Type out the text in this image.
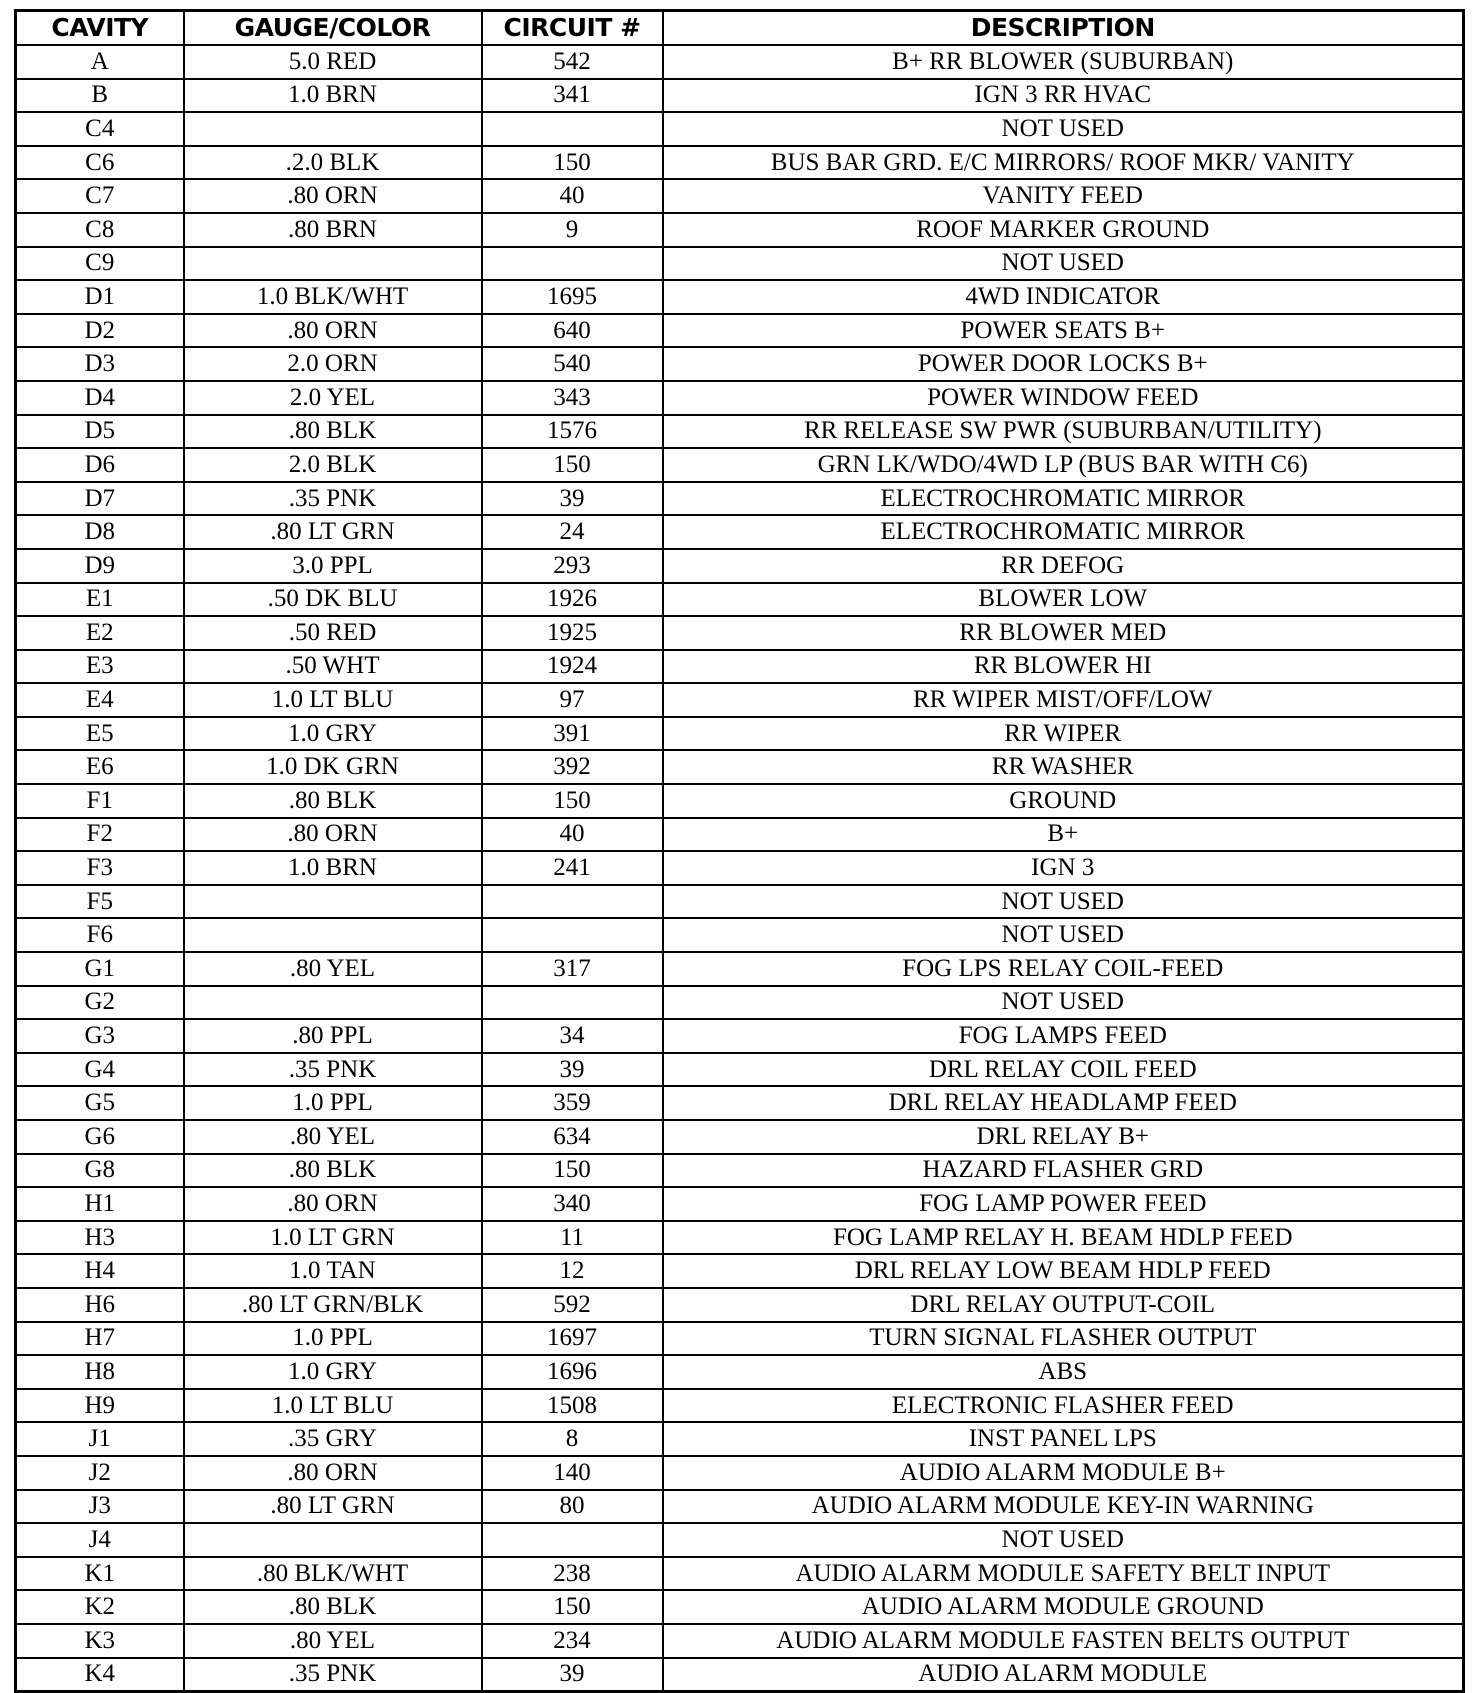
CAVITY	GAUGE/COLOR	CIRCUIT #	DESCRIPTION
A	5.0 RED	542	B+ RR BLOWER (SUBURBAN)
B	1.0 BRN	341	IGN 3 RR HVAC
C4			NOT USED
C6	.2.0 BLK	150	BUS BAR GRD. E/C MIRRORS/ ROOF MKR/ VANITY
C7	.80 ORN	40	VANITY FEED
C8	.80 BRN	9	ROOF MARKER GROUND
C9			NOT USED
D1	1.0 BLK/WHT	1695	4WD INDICATOR
D2	.80 ORN	640	POWER SEATS B+
D3	2.0 ORN	540	POWER DOOR LOCKS B+
D4	2.0 YEL	343	POWER WINDOW FEED
D5	.80 BLK	1576	RR RELEASE SW PWR (SUBURBAN/UTILITY)
D6	2.0 BLK	150	GRN LK/WDO/4WD LP (BUS BAR WITH C6)
D7	.35 PNK	39	ELECTROCHROMATIC MIRROR
D8	.80 LT GRN	24	ELECTROCHROMATIC MIRROR
D9	3.0 PPL	293	RR DEFOG
E1	.50 DK BLU	1926	BLOWER LOW
E2	.50 RED	1925	RR BLOWER MED
E3	.50 WHT	1924	RR BLOWER HI
E4	1.0 LT BLU	97	RR WIPER MIST/OFF/LOW
E5	1.0 GRY	391	RR WIPER
E6	1.0 DK GRN	392	RR WASHER
F1	.80 BLK	150	GROUND
F2	.80 ORN	40	B+
F3	1.0 BRN	241	IGN 3
F5			NOT USED
F6			NOT USED
G1	.80 YEL	317	FOG LPS RELAY COIL-FEED
G2			NOT USED
G3	.80 PPL	34	FOG LAMPS FEED
G4	.35 PNK	39	DRL RELAY COIL FEED
G5	1.0 PPL	359	DRL RELAY HEADLAMP FEED
G6	.80 YEL	634	DRL RELAY B+
G8	.80 BLK	150	HAZARD FLASHER GRD
H1	.80 ORN	340	FOG LAMP POWER FEED
H3	1.0 LT GRN	11	FOG LAMP RELAY H. BEAM HDLP FEED
H4	1.0 TAN	12	DRL RELAY LOW BEAM HDLP FEED
H6	.80 LT GRN/BLK	592	DRL RELAY OUTPUT-COIL
H7	1.0 PPL	1697	TURN SIGNAL FLASHER OUTPUT
H8	1.0 GRY	1696	ABS
H9	1.0 LT BLU	1508	ELECTRONIC FLASHER FEED
J1	.35 GRY	8	INST PANEL LPS
J2	.80 ORN	140	AUDIO ALARM MODULE B+
J3	.80 LT GRN	80	AUDIO ALARM MODULE KEY-IN WARNING
J4			NOT USED
K1	.80 BLK/WHT	238	AUDIO ALARM MODULE SAFETY BELT INPUT
K2	.80 BLK	150	AUDIO ALARM MODULE GROUND
K3	.80 YEL	234	AUDIO ALARM MODULE FASTEN BELTS OUTPUT
K4	.35 PNK	39	AUDIO ALARM MODULE
